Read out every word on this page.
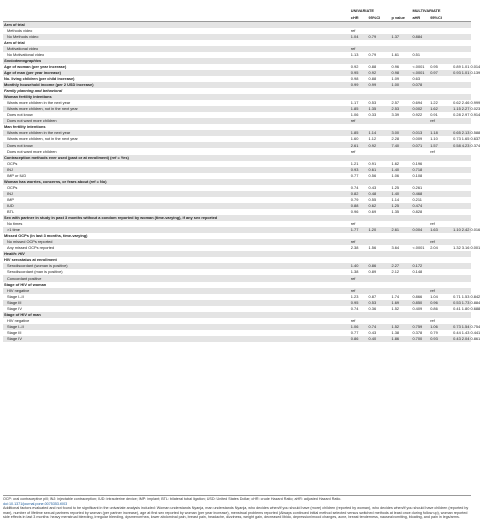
	UNIVARIATE			MULTIVARIATE		
	cHR	95%CI	p value	aHR	95%CI	
Arm of trial						
Methods video	ref					
No Methods video	1.04	0.79	1.37	0.884		
Arm of trial						
Motivational video	ref					
No Motivational video	1.13	0.79	1.61	0.51		
Sociodemographics						
Age of woman (per year increase)	0.92	0.88	0.96	<.0001	0.95	0.89 1.01 0.014
Age of man (per year increase)	0.95	0.92	0.98	<.0001	0.97	0.93 1.01 0.139
No. living children (per child increase)	0.98	0.88	1.09	0.63		
Monthly household income (per 2 USD increase)	0.99	0.99	1.00	0.078		
Family planning and behavioral						
Woman fertility intentions						
Wants more children in the next year	1.17	0.53	2.57	0.694	1.22	0.62 2.46 0.999
Wants more children, not in the next year	1.85	1.35	2.53	0.002	1.62	1.15 2.27 0.023
Does not know	1.06	0.33	3.39	0.922	0.91	0.28 2.97 0.914
Does not want more children	ref				ref	
Man fertility intentions						
Wants more children in the next year	1.85	1.14	3.00	0.013	1.18	0.65 2.13 0.588
Wants more children, not in the next year	1.60	1.12	2.28	0.009	1.10	0.73 1.65 0.637
Does not know	2.61	0.92	7.40	0.071	1.57	0.58 4.23 0.374
Does not want more children	ref				ref	
Contraception methods ever used (past or at enrollment) (ref = Yes)						
OCPs	1.21	0.91	1.62	0.196		
INJ	0.93	0.61	1.40	0.718		
IMP or IUD	0.77	0.56	1.06	0.108		
Woman has worries, concerns, or fears about (ref = No)						
OCPs	0.74	0.43	1.25	0.261		
INJ	0.82	0.48	1.40	0.468		
IMP	0.79	0.55	1.14	0.211		
IUD	0.88	0.62	1.25	0.474		
BTL	0.96	0.69	1.35	0.828		
Sex with partner in study in past 3 months without a condom reported by woman (time-varying), if any sex reported						
No times	ref				ref	
>1 time	1.77	1.20	2.61	0.004	1.63	1.10 2.42 0.016
Missed OCPs (in last 3 months, time-varying)						
No missed OCPs reported	ref				ref	
Any missed OCPs reported	2.38	1.56	3.64	<.0001	2.04	1.32 3.16 0.001
Health: HIV						
HIV serostatus at enrollment						
Serodiscordant (woman is positive)	1.40	0.86	2.27	0.172		
Serodiscordant (man is positive)	1.38	0.89	2.12	0.148		
Concordant positive	ref					
Stage of HIV of woman						
HIV negative	ref				ref	
Stage I–II	1.23	0.87	1.74	0.866	1.04	0.71 1.53 0.842
Stage III	0.95	0.53	1.69	0.850	0.96	0.53 1.73 0.884
Stage IV	0.74	0.36	1.52	0.409	0.86	0.41 1.80 0.688
Stage of HIV of man						
HIV negative	ref				ref	
Stage I–II	1.06	0.74	1.52	0.759	1.06	0.73 1.54 0.754
Stage III	0.77	0.43	1.38	0.378	0.79	0.44 1.43 0.441
Stage IV	0.86	0.40	1.86	0.700	0.93	0.43 2.04 0.861

OCP: oral contraceptive pill; INJ: injectable contraception; IUD: intrauterine device; IMP: implant; BTL: bilateral tubal ligation; USD: United States Dollar; cHR: crude Hazard Ratio; aHR: adjusted Hazard Ratio.

doi:10.1371/journal.pone.0075353.t003

Additional factors evaluated and not found to be significant in the univariate analysis included: Woman understands Nyanja, man understands Nyanja, who decides when/if you should have (more) children (reported by woman), who decides when/if you should have children (reported by man), number of lifetime sexual partners reported by woman (per partner increase), age at first sex reported by woman (per year increase), menstrual problems reported (Always continued initial method selected versus switched methods at least once during follow up), woman reported side effects in last 3 months: heavy menstrual bleeding, irregular bleeding, dysmenorrhea, lower abdominal pain, breast pain, headache, dizziness, weight gain, decreased libido, depression/mood changes, acne, breast tenderness, nausea/vomiting, bloating, and pain in legs/arms.
